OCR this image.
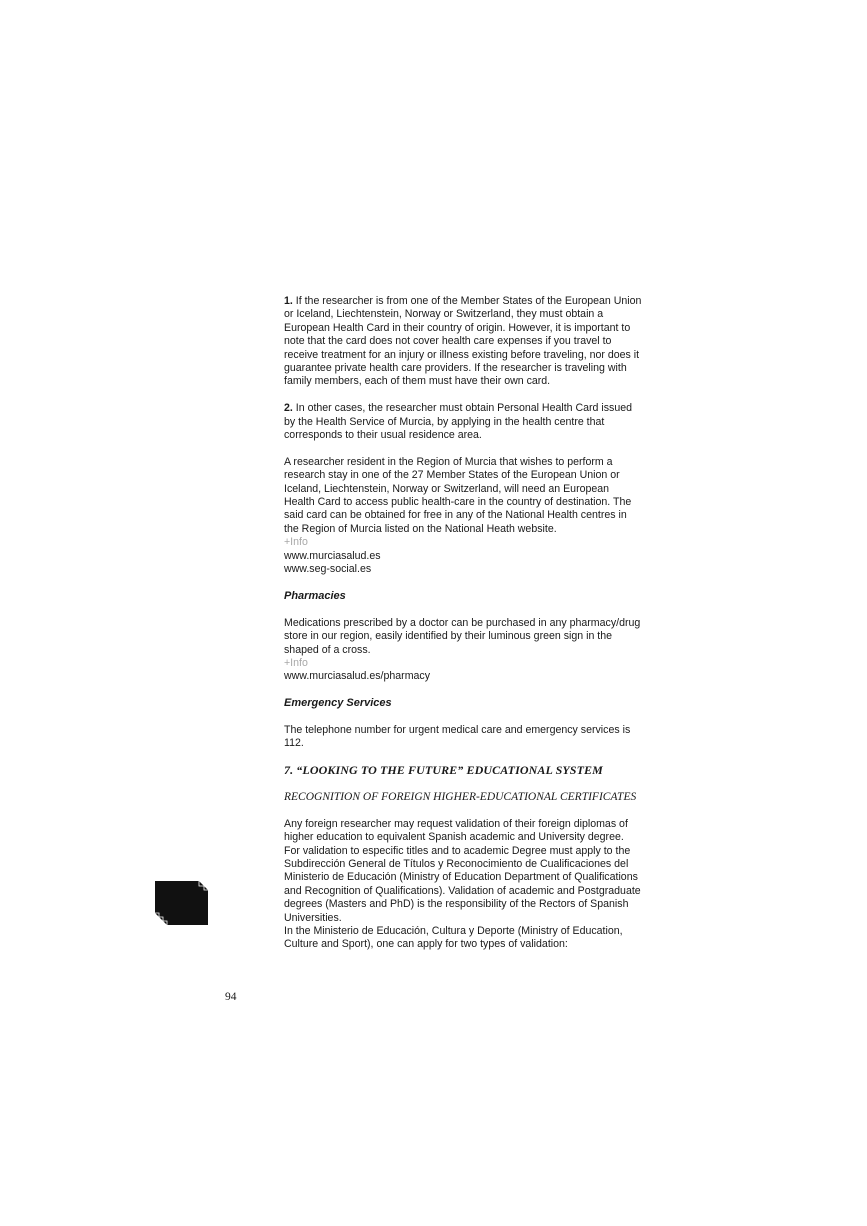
1. If the researcher is from one of the Member States of the European Union or Iceland, Liechtenstein, Norway or Switzerland, they must obtain a European Health Card in their country of origin. However, it is important to note that the card does not cover health care expenses if you travel to receive treatment for an injury or illness existing before traveling, nor does it guarantee private health care providers. If the researcher is traveling with family members, each of them must have their own card.

2. In other cases, the researcher must obtain Personal Health Card issued by the Health Service of Murcia, by applying in the health centre that corresponds to their usual residence area.

A researcher resident in the Region of Murcia that wishes to perform a research stay in one of the 27 Member States of the European Union or Iceland, Liechtenstein, Norway or Switzerland, will need an European Health Card to access public health-care in the country of destination. The said card can be obtained for free in any of the National Health centres in the Region of Murcia listed on the National Heath website.

+Info

www.murciasalud.es
www.seg-social.es

Pharmacies

Medications prescribed by a doctor can be purchased in any pharmacy/drug store in our region, easily identified by their luminous green sign in the shaped of a cross.

+Info

www.murciasalud.es/pharmacy

Emergency Services

The telephone number for urgent medical care and emergency services is 112.

7. “LOOKING TO THE FUTURE” EDUCATIONAL SYSTEM

RECOGNITION OF FOREIGN HIGHER-EDUCATIONAL CERTIFICATES

Any foreign researcher may request validation of their foreign diplomas of higher education to equivalent Spanish academic and University degree. For validation to especific titles and to academic Degree must apply to the Subdirección General de Títulos y Reconocimiento de Cualificaciones del Ministerio de Educación (Ministry of Education Department of Qualifications and Recognition of Qualifications). Validation of academic and Postgraduate degrees (Masters and PhD) is the responsibility of the Rectors of Spanish Universities.

In the Ministerio de Educación, Cultura y Deporte (Ministry of Education, Culture and Sport), one can apply for two types of validation:

94
